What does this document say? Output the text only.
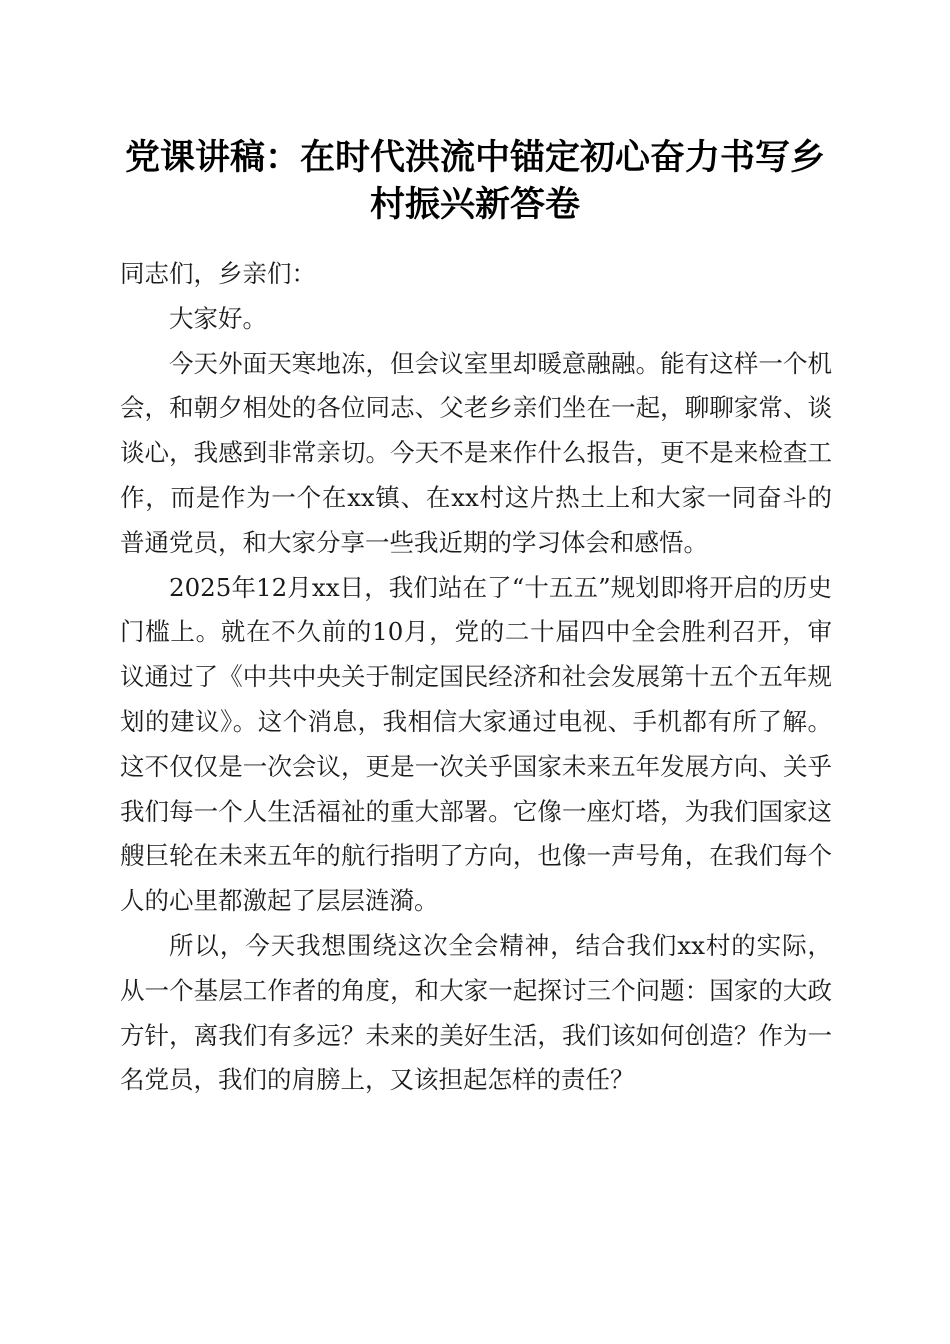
党课讲稿：在时代洪流中锚定初心奋力书写乡村振兴新答卷

同志们，乡亲们：

大家好。

今天外面天寒地冻，但会议室里却暖意融融。能有这样一个机会，和朝夕相处的各位同志、父老乡亲们坐在一起，聊聊家常、谈谈心，我感到非常亲切。今天不是来作什么报告，更不是来检查工作，而是作为一个在xx镇、在xx村这片热土上和大家一同奋斗的普通党员，和大家分享一些我近期的学习体会和感悟。

2025年12月xx日，我们站在了“十五五”规划即将开启的历史门槛上。就在不久前的10月，党的二十届四中全会胜利召开，审议通过了《中共中央关于制定国民经济和社会发展第十五个五年规划的建议》。这个消息，我相信大家通过电视、手机都有所了解。这不仅仅是一次会议，更是一次关乎国家未来五年发展方向、关乎我们每一个人生活福祉的重大部署。它像一座灯塔，为我们国家这艘巨轮在未来五年的航行指明了方向，也像一声号角，在我们每个人的心里都激起了层层涟漪。

所以，今天我想围绕这次全会精神，结合我们xx村的实际，从一个基层工作者的角度，和大家一起探讨三个问题：国家的大政方针，离我们有多远？未来的美好生活，我们该如何创造？作为一名党员，我们的肩膀上，又该担起怎样的责任？
